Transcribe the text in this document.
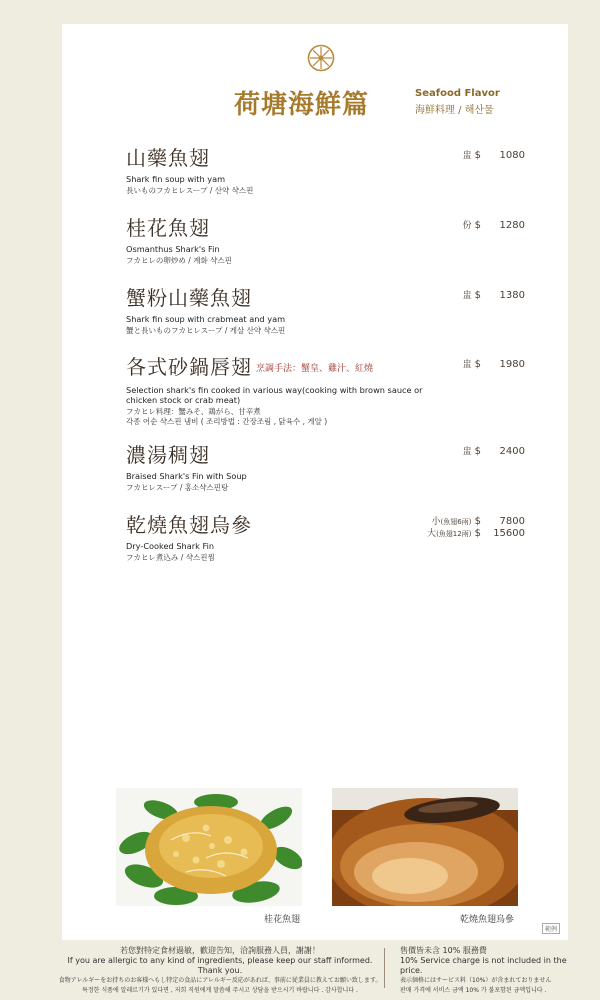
荷塘海鮮篇	Seafood Flavor
海鮮料理 / 해산물
山藥魚翅
Shark fin soup with yam
長いものフカヒレスープ / 산약 샥스핀
盅 $ 1080
桂花魚翅
Osmanthus Shark's Fin
フカヒレの卵炒め / 계화 샥스핀
份 $ 1280
蟹粉山藥魚翅
Shark fin soup with crabmeat and yam
蟹と長いものフカヒレスープ / 게살 산약 샥스핀
盅 $ 1380
各式砂鍋唇翅 烹調手法：蟹皇、雞汁、紅燒
Selection shark's fin cooked in various way(cooking with brown sauce or chicken stock or crab meat)
フカヒレ料理：蟹みそ、鶏がら、甘辛煮
각종 어순 샥스핀 냄비 ( 조리방법 : 간장조림 , 닭육수 , 게알 )
盅 $ 1980
濃湯稠翅
Braised Shark's Fin with Soup
フカヒレスープ / 홍소샥스핀탕
盅 $ 2400
乾燒魚翅烏參
Dry-Cooked Shark Fin
フカヒレ煮込み / 샥스핀찜
小(魚翅6兩) $ 7800
大(魚翅12兩) $ 15600
桂花魚翅	乾燒魚翅烏參
範例
若您對特定食材過敏，歡迎告知，洽詢服務人員，謝謝！
If you are allergic to any kind of ingredients, please keep our staff informed. Thank you.
食物アレルギーをお持ちのお客様へもし特定の食品にアレルギー反応があれば、事前に従業員に教えてお願い致します。
특정한 식품에 알레르기가 있다면 , 저희 직원에게 말씀해 주시고 상담을 받으시기 바랍니다 . 감사합니다 .
售價皆未含 10% 服務費
10% Service charge is not included in the price.
表示価格にはサービス料（10%）が含まれておりません
판매 가격에 서비스 금액 10% 가 불포함된 금액입니다 .
